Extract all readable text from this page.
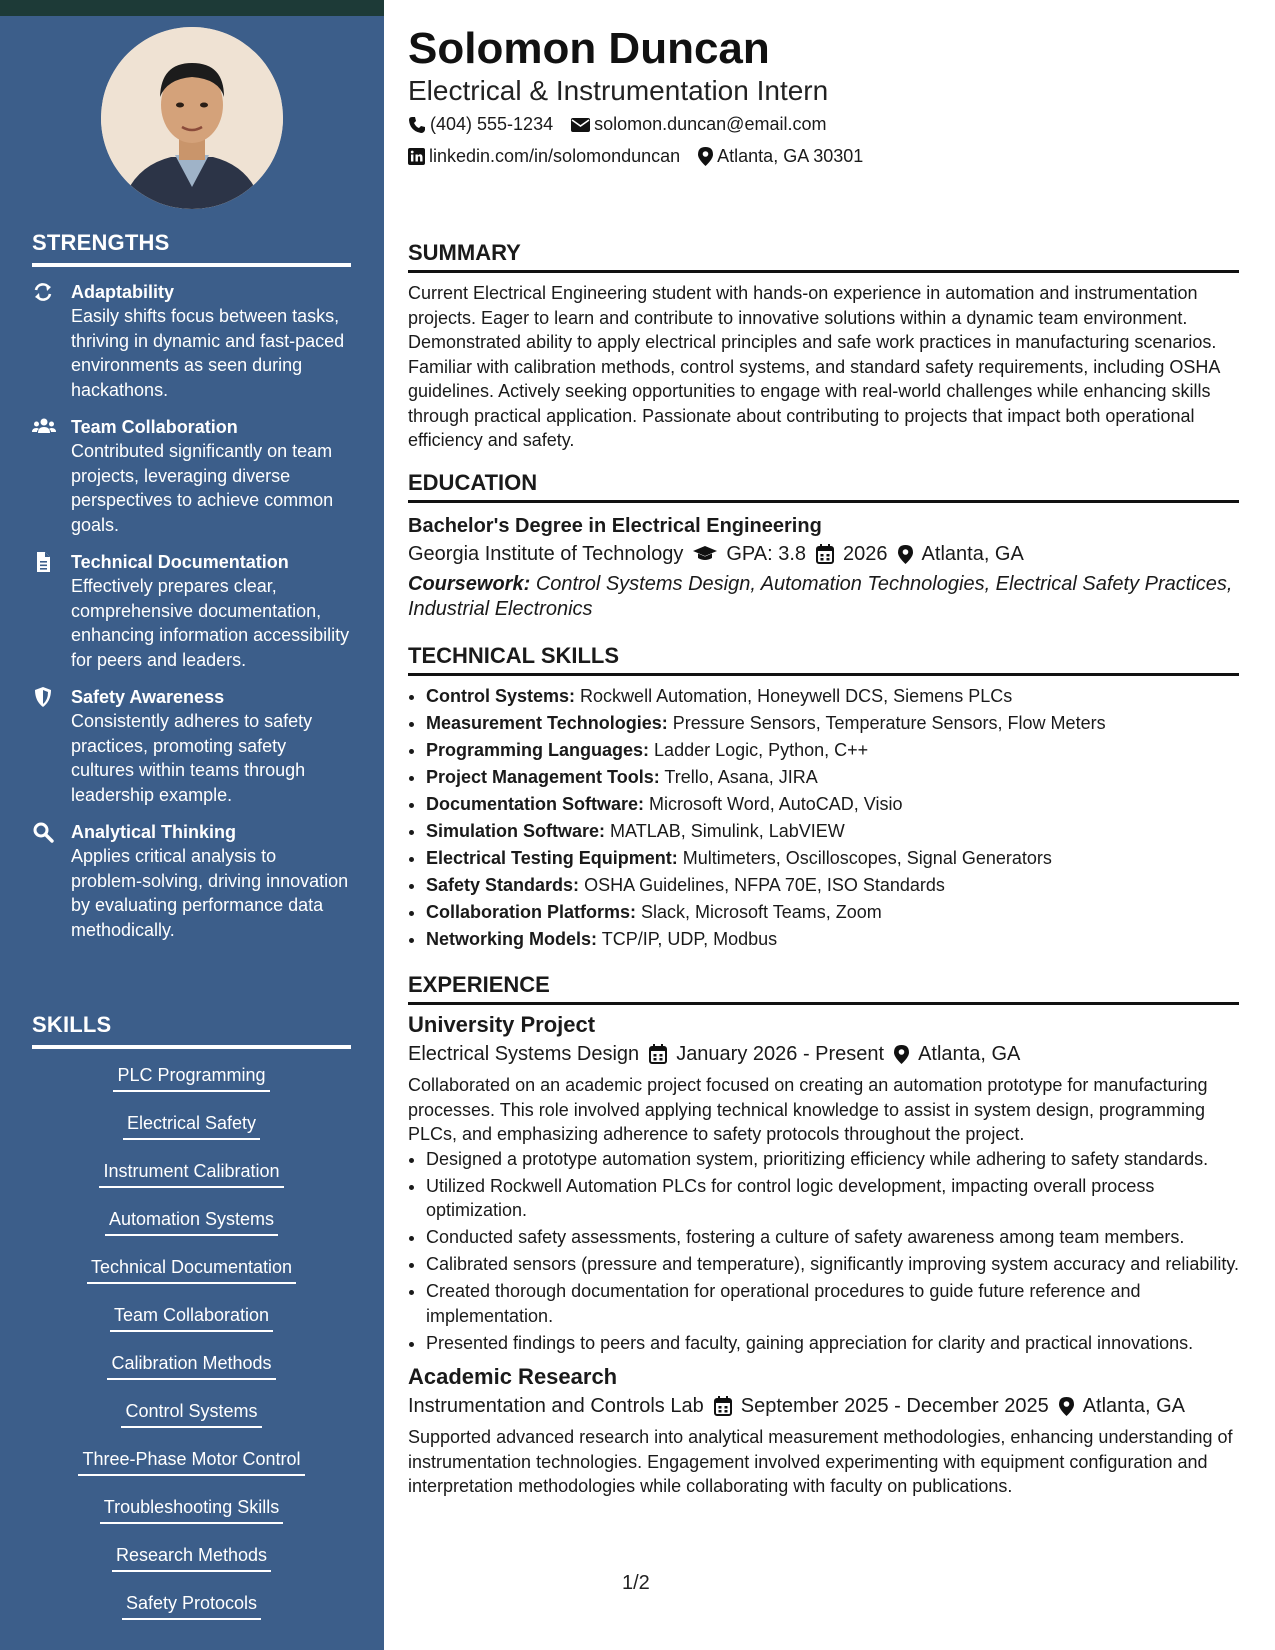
STRENGTHS
Adaptability
Easily shifts focus between tasks, thriving in dynamic and fast-paced environments as seen during hackathons.
Team Collaboration
Contributed significantly on team projects, leveraging diverse perspectives to achieve common goals.
Technical Documentation
Effectively prepares clear, comprehensive documentation, enhancing information accessibility for peers and leaders.
Safety Awareness
Consistently adheres to safety practices, promoting safety cultures within teams through leadership example.
Analytical Thinking
Applies critical analysis to problem-solving, driving innovation by evaluating performance data methodically.
SKILLS
PLC Programming
Electrical Safety
Instrument Calibration
Automation Systems
Technical Documentation
Team Collaboration
Calibration Methods
Control Systems
Three-Phase Motor Control
Troubleshooting Skills
Research Methods
Safety Protocols
Solomon Duncan
Electrical & Instrumentation Intern
(404) 555-1234 solomon.duncan@email.com
linkedin.com/in/solomonduncan Atlanta, GA 30301
SUMMARY

Current Electrical Engineering student with hands-on experience in automation and instrumentation projects. Eager to learn and contribute to innovative solutions within a dynamic team environment. Demonstrated ability to apply electrical principles and safe work practices in manufacturing scenarios. Familiar with calibration methods, control systems, and standard safety requirements, including OSHA guidelines. Actively seeking opportunities to engage with real-world challenges while enhancing skills through practical application. Passionate about contributing to projects that impact both operational efficiency and safety.

EDUCATION
Bachelor's Degree in Electrical Engineering
Georgia Institute of Technology GPA: 3.8 2026 Atlanta, GA
Coursework: Control Systems Design, Automation Technologies, Electrical Safety Practices, Industrial Electronics
TECHNICAL SKILLS
• Control Systems: Rockwell Automation, Honeywell DCS, Siemens PLCs
• Measurement Technologies: Pressure Sensors, Temperature Sensors, Flow Meters
• Programming Languages: Ladder Logic, Python, C++
• Project Management Tools: Trello, Asana, JIRA
• Documentation Software: Microsoft Word, AutoCAD, Visio
• Simulation Software: MATLAB, Simulink, LabVIEW
• Electrical Testing Equipment: Multimeters, Oscilloscopes, Signal Generators
• Safety Standards: OSHA Guidelines, NFPA 70E, ISO Standards
• Collaboration Platforms: Slack, Microsoft Teams, Zoom
• Networking Models: TCP/IP, UDP, Modbus
EXPERIENCE
University Project
Electrical Systems Design January 2026 - Present Atlanta, GA

Collaborated on an academic project focused on creating an automation prototype for manufacturing processes. This role involved applying technical knowledge to assist in system design, programming PLCs, and emphasizing adherence to safety protocols throughout the project.

• Designed a prototype automation system, prioritizing efficiency while adhering to safety standards.
• Utilized Rockwell Automation PLCs for control logic development, impacting overall process optimization.
• Conducted safety assessments, fostering a culture of safety awareness among team members.
• Calibrated sensors (pressure and temperature), significantly improving system accuracy and reliability.
• Created thorough documentation for operational procedures to guide future reference and implementation.
• Presented findings to peers and faculty, gaining appreciation for clarity and practical innovations.
Academic Research
Instrumentation and Controls Lab September 2025 - December 2025 Atlanta, GA

Supported advanced research into analytical measurement methodologies, enhancing understanding of instrumentation technologies. Engagement involved experimenting with equipment configuration and interpretation methodologies while collaborating with faculty on publications.

1/2
